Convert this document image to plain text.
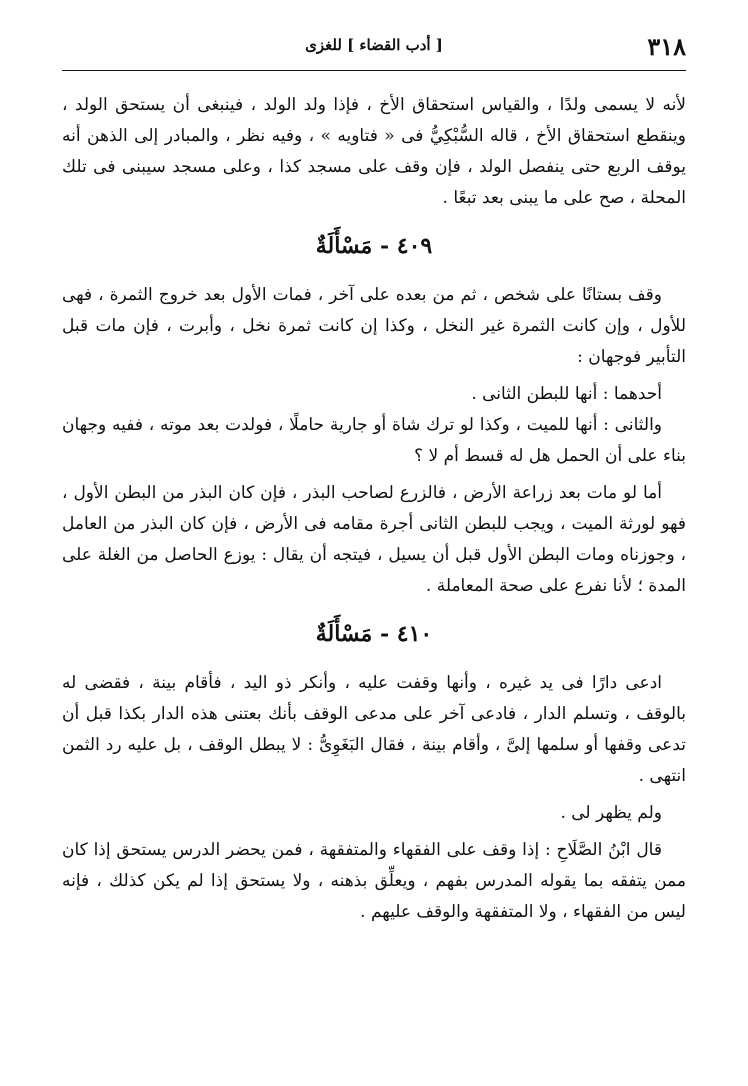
٣١٨
[ أدب القضاء ] للغزى

لأنه لا يسمى ولدًا ، والقياس استحقاق الأخ ، فإذا ولد الولد ، فينبغى أن يستحق الولد ، وينقطع استحقاق الأخ ، قاله السُّبْكِيُّ فى « فتاويه » ، وفيه نظر ، والمبادر إلى الذهن أنه يوقف الربع حتى ينفصل الولد ، فإن وقف على مسجد كذا ، وعلى مسجد سيبنى فى تلك المحلة ، صح على ما يبنى بعد تبعًا .

٤٠٩ - مَسْأَلَةٌ

وقف بستانًا على شخص ، ثم من بعده على آخر ، فمات الأول بعد خروج الثمرة ، فهى للأول ، وإن كانت الثمرة غير النخل ، وكذا إن كانت ثمرة نخل ، وأبرت ، فإن مات قبل التأبير فوجهان :

أحدهما : أنها للبطن الثانى .

والثانى : أنها للميت ، وكذا لو ترك شاة أو جارية حاملًا ، فولدت بعد موته ، ففيه وجهان بناء على أن الحمل هل له قسط أم لا ؟

أما لو مات بعد زراعة الأرض ، فالزرع لصاحب البذر ، فإن كان البذر من البطن الأول ، فهو لورثة الميت ، ويجب للبطن الثانى أجرة مقامه فى الأرض ، فإن كان البذر من العامل ، وجوزناه ومات البطن الأول قبل أن يسيل ، فيتجه أن يقال : يوزع الحاصل من الغلة على المدة ؛ لأنا نفرع على صحة المعاملة .

٤١٠ - مَسْأَلَةٌ

ادعى دارًا فى يد غيره ، وأنها وقفت عليه ، وأنكر ذو اليد ، فأقام بينة ، فقضى له بالوقف ، وتسلم الدار ، فادعى آخر على مدعى الوقف بأنك بعتنى هذه الدار بكذا قبل أن تدعى وقفها أو سلمها إلىَّ ، وأقام بينة ، فقال البَغَوِىُّ : لا يبطل الوقف ، بل عليه رد الثمن انتهى .

ولم يظهر لى .

قال ابْنُ الصَّلَاحِ : إذا وقف على الفقهاء والمتفقهة ، فمن يحضر الدرس يستحق إذا كان ممن يتفقه بما يقوله المدرس بفهم ، ويعلِّق بذهنه ، ولا يستحق إذا لم يكن كذلك ، فإنه ليس من الفقهاء ، ولا المتفقهة والوقف عليهم .
